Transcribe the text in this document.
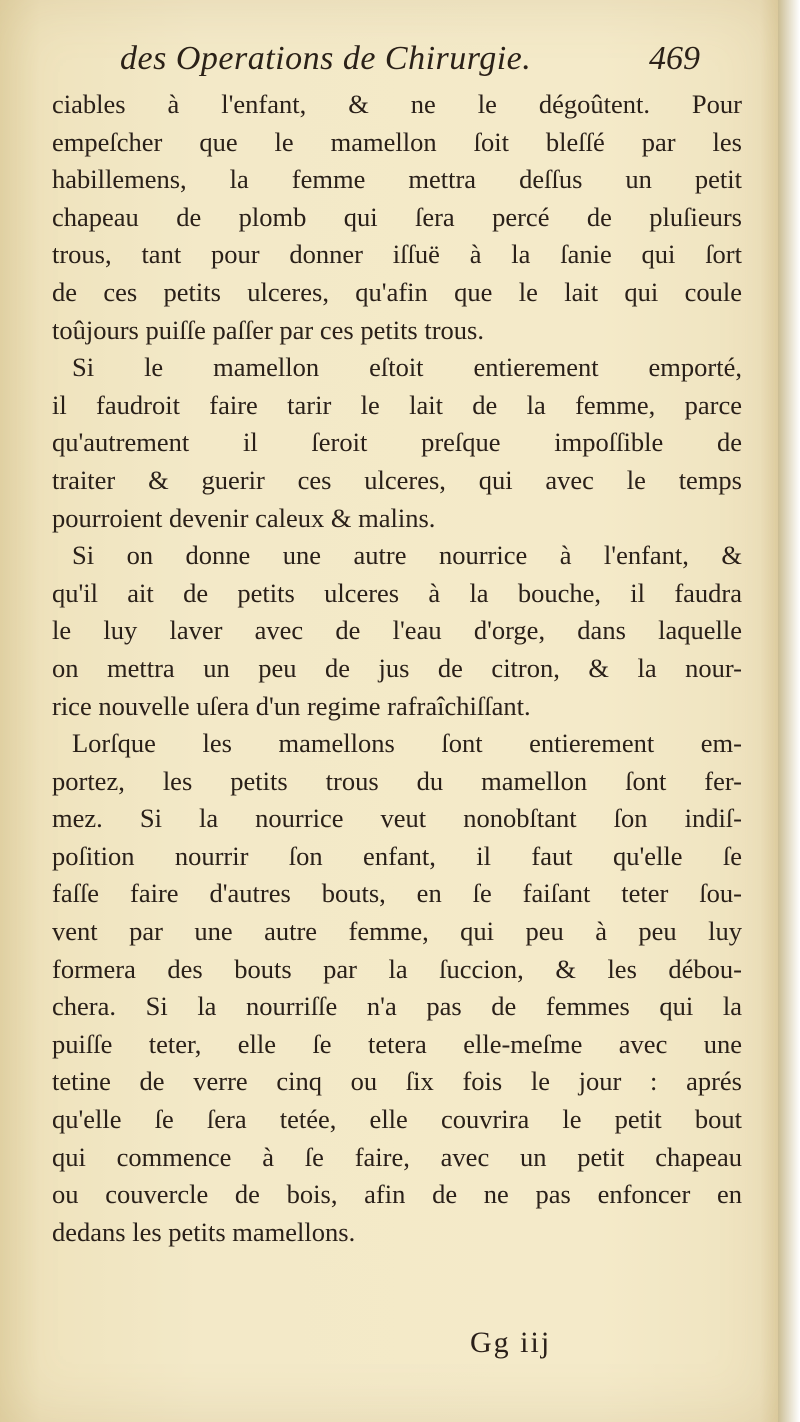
des Operations de Chirurgie.	469
ciables à l'enfant, & ne le dégoûtent. Pour
empeſcher que le mamellon ſoit bleſſé par les
habillemens, la femme mettra deſſus un petit
chapeau de plomb qui ſera percé de pluſieurs
trous, tant pour donner iſſuë à la ſanie qui ſort
de ces petits ulceres, qu'afin que le lait qui coule
toûjours puiſſe paſſer par ces petits trous.
Si le mamellon eſtoit entierement emporté,
il faudroit faire tarir le lait de la femme, parce
qu'autrement il ſeroit preſque impoſſible de
traiter & guerir ces ulceres, qui avec le temps
pourroient devenir caleux & malins.
Si on donne une autre nourrice à l'enfant, &
qu'il ait de petits ulceres à la bouche, il faudra
le luy laver avec de l'eau d'orge, dans laquelle
on mettra un peu de jus de citron, & la nour-
rice nouvelle uſera d'un regime rafraîchiſſant.
Lorſque les mamellons ſont entierement em-
portez, les petits trous du mamellon ſont fer-
mez. Si la nourrice veut nonobſtant ſon indiſ-
poſition nourrir ſon enfant, il faut qu'elle ſe
faſſe faire d'autres bouts, en ſe faiſant teter ſou-
vent par une autre femme, qui peu à peu luy
formera des bouts par la ſuccion, & les débou-
chera. Si la nourriſſe n'a pas de femmes qui la
puiſſe teter, elle ſe tetera elle-meſme avec une
tetine de verre cinq ou ſix fois le jour : aprés
qu'elle ſe ſera tetée, elle couvrira le petit bout
qui commence à ſe faire, avec un petit chapeau
ou couvercle de bois, afin de ne pas enfoncer en
dedans les petits mamellons.
Gg iij
